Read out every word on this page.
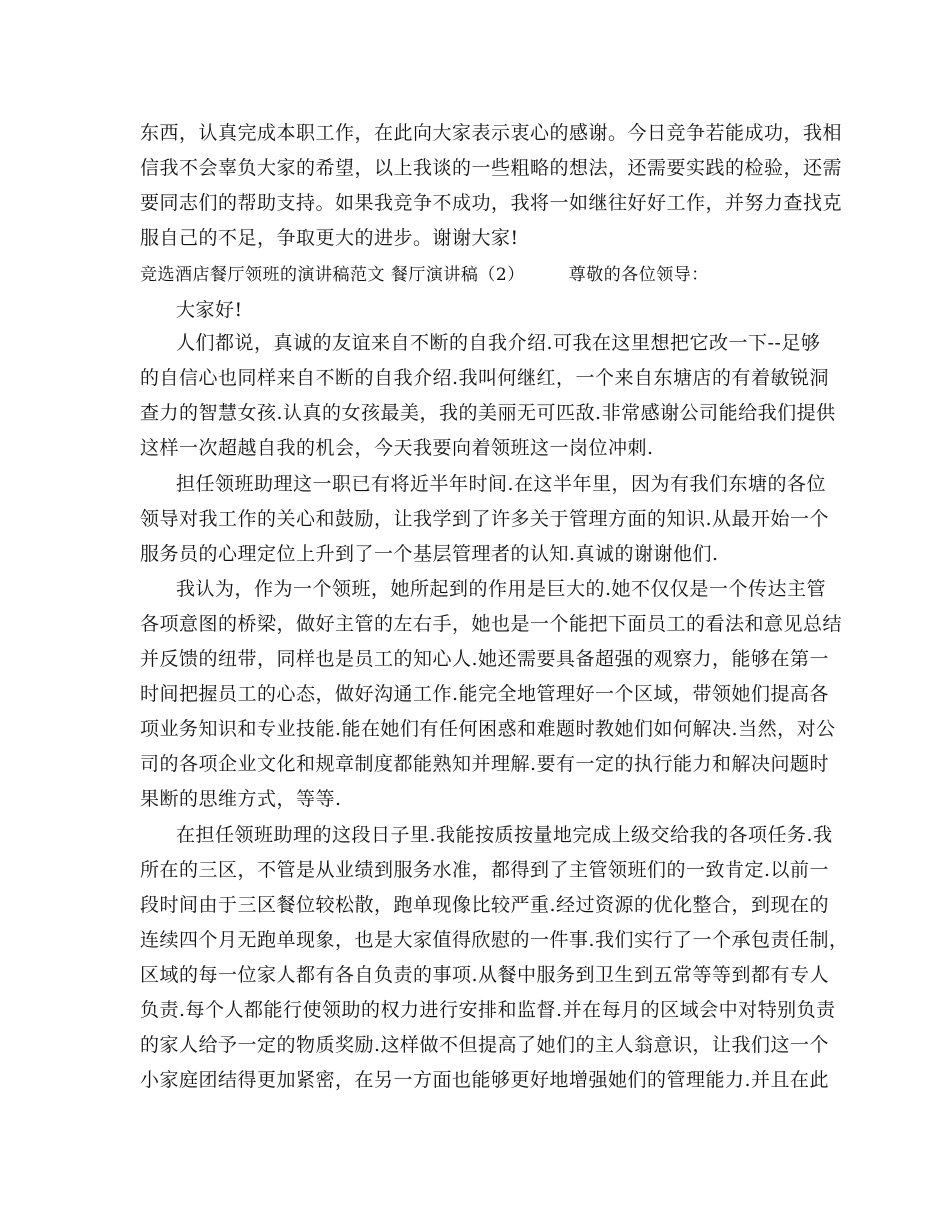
东西，认真完成本职工作，在此向大家表示衷心的感谢。今日竞争若能成功，我相
信我不会辜负大家的希望，以上我谈的一些粗略的想法，还需要实践的检验，还需
要同志们的帮助支持。如果我竞争不成功，我将一如继往好好工作，并努力查找克
服自己的不足，争取更大的进步。谢谢大家!
竞选酒店餐厅领班的演讲稿范文 餐厅演讲稿（2）　　　尊敬的各位领导：
大家好!
人们都说，真诚的友谊来自不断的自我介绍.可我在这里想把它改一下--足够
的自信心也同样来自不断的自我介绍.我叫何继红，一个来自东塘店的有着敏锐洞
查力的智慧女孩.认真的女孩最美，我的美丽无可匹敌.非常感谢公司能给我们提供
这样一次超越自我的机会，今天我要向着领班这一岗位冲刺.
担任领班助理这一职已有将近半年时间.在这半年里，因为有我们东塘的各位
领导对我工作的关心和鼓励，让我学到了许多关于管理方面的知识.从最开始一个
服务员的心理定位上升到了一个基层管理者的认知.真诚的谢谢他们.
我认为，作为一个领班，她所起到的作用是巨大的.她不仅仅是一个传达主管
各项意图的桥梁，做好主管的左右手，她也是一个能把下面员工的看法和意见总结
并反馈的纽带，同样也是员工的知心人.她还需要具备超强的观察力，能够在第一
时间把握员工的心态，做好沟通工作.能完全地管理好一个区域，带领她们提高各
项业务知识和专业技能.能在她们有任何困惑和难题时教她们如何解决.当然，对公
司的各项企业文化和规章制度都能熟知并理解.要有一定的执行能力和解决问题时
果断的思维方式，等等.
在担任领班助理的这段日子里.我能按质按量地完成上级交给我的各项任务.我
所在的三区，不管是从业绩到服务水准，都得到了主管领班们的一致肯定.以前一
段时间由于三区餐位较松散，跑单现像比较严重.经过资源的优化整合，到现在的
连续四个月无跑单现象，也是大家值得欣慰的一件事.我们实行了一个承包责任制，
区域的每一位家人都有各自负责的事项.从餐中服务到卫生到五常等等到都有专人
负责.每个人都能行使领助的权力进行安排和监督.并在每月的区域会中对特别负责
的家人给予一定的物质奖励.这样做不但提高了她们的主人翁意识，让我们这一个
小家庭团结得更加紧密，在另一方面也能够更好地增强她们的管理能力.并且在此
